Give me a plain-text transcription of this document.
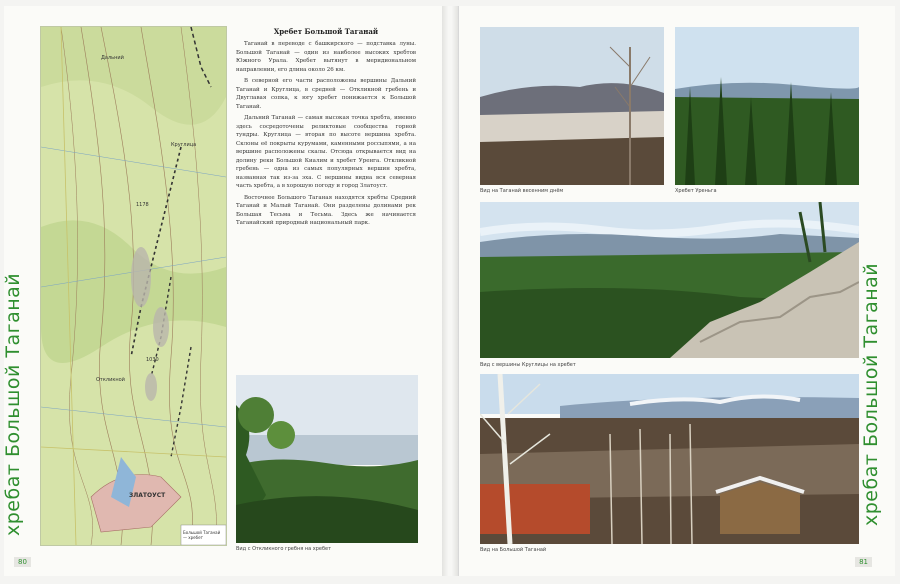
хребат Большой Таганай	хребат Большой Таганай
80	81
Дальний
Круглица
1178
1030
Откликной
ЗЛАТОУСТ
Большой Таганай — хребет
Хребет Большой Таганай

Таганай в переводе с башкирского — подставка луны. Большой Таганай — один из наиболее высоких хребтов Южного Урала. Хребет вытянут в меридиональном направлении, его длина около 26 км.

В северной его части расположены вершины Дальний Таганай и Круглица, в средней — Откликной гребень и Двуглавая сопка, к югу хребет понижается к Большой Таганай.

Дальний Таганай — самая высокая точка хребта, именно здесь сосредоточены реликтовые сообщества горной тундры. Круглица — вторая по высоте вершина хребта. Склоны её покрыты курумами, каменными россыпями, а на вершине расположены скалы. Отсюда открывается вид на долину реки Большой Киалим и хребет Уренга. Откликной гребень — одна из самых популярных вершин хребта, названная так из-за эха. С вершины видна вся северная часть хребта, а в хорошую погоду и город Златоуст.

Восточнее Большого Таганая находятся хребты Средний Таганай и Малый Таганай. Они разделены долинами рек Большая Тесьма и Тесьма. Здесь же начинается Таганайский природный национальный парк.

Вид с Откликного гребня на хребет
Вид на Таганай весенним днём	Хребет Уреньга
Вид с вершины Круглицы на хребет
Вид на Большой Таганай
